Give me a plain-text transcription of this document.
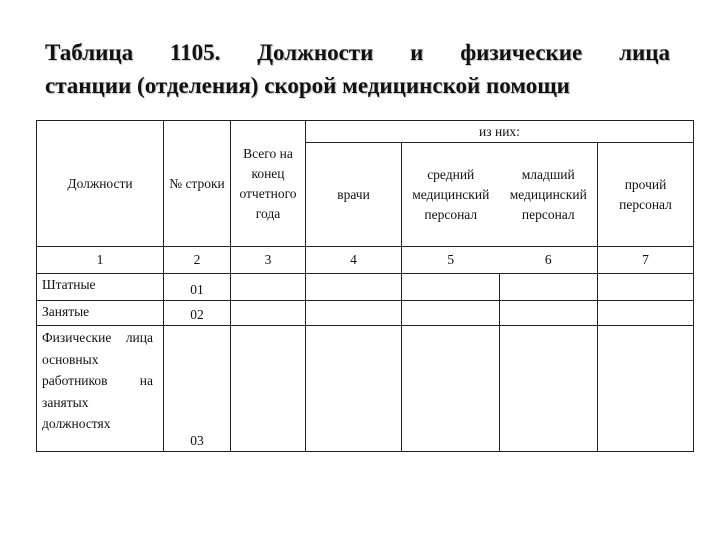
Таблица 1105. Должности и физические лица
станции (отделения) скорой медицинской помощи
Должности	№ строки	Всего на конец отчетного года	из них:			
			врачи	средний медицинский персонал	младший медицинский персонал	прочий персонал
1	2	3	4	5	6	7
Штатные	01					
Занятые	02					
Физические лица основных работников на занятых должностях	03					
